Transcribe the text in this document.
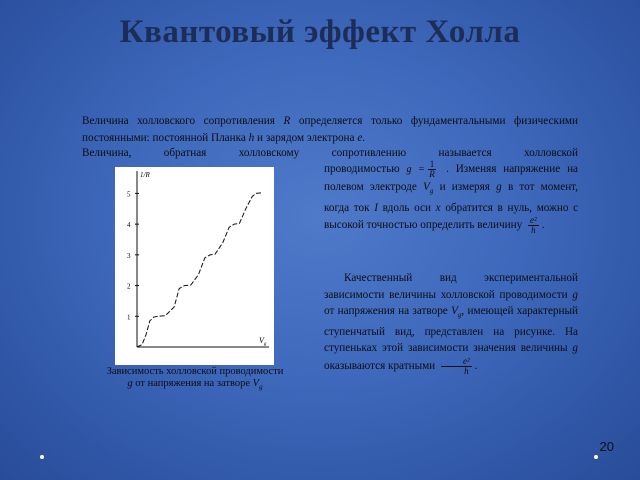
Квантовый эффект Холла
Величина холловского сопротивления R определяется только фундаментальными физическими постоянными: постоянной Планка h и зарядом электрона e.
Величина, обратная холловскому сопротивлению называется холловской
проводимостью $g = \frac{1}{R}$ . Изменяя напряжение на полевом электроде $V_g$ и измеряя g в тот момент, когда ток I вдоль оси x обратится в нуль, можно с высокой точностью определить величину $\frac{\text{e²}}{h}$ .
Качественный вид экспериментальной зависимости величины холловской проводимости g от напряжения на затворе $V_g$, имеющей характерный ступенчатый вид, представлен на рисунке. На ступеньках этой зависимости значения величины g оказываются кратными $\frac{\text{e²}}{h}$ .
1
2
3
4
5
1/R
$V_g$
Зависимость холловской проводимости
g от напряжения на затворе $V_g$
20
